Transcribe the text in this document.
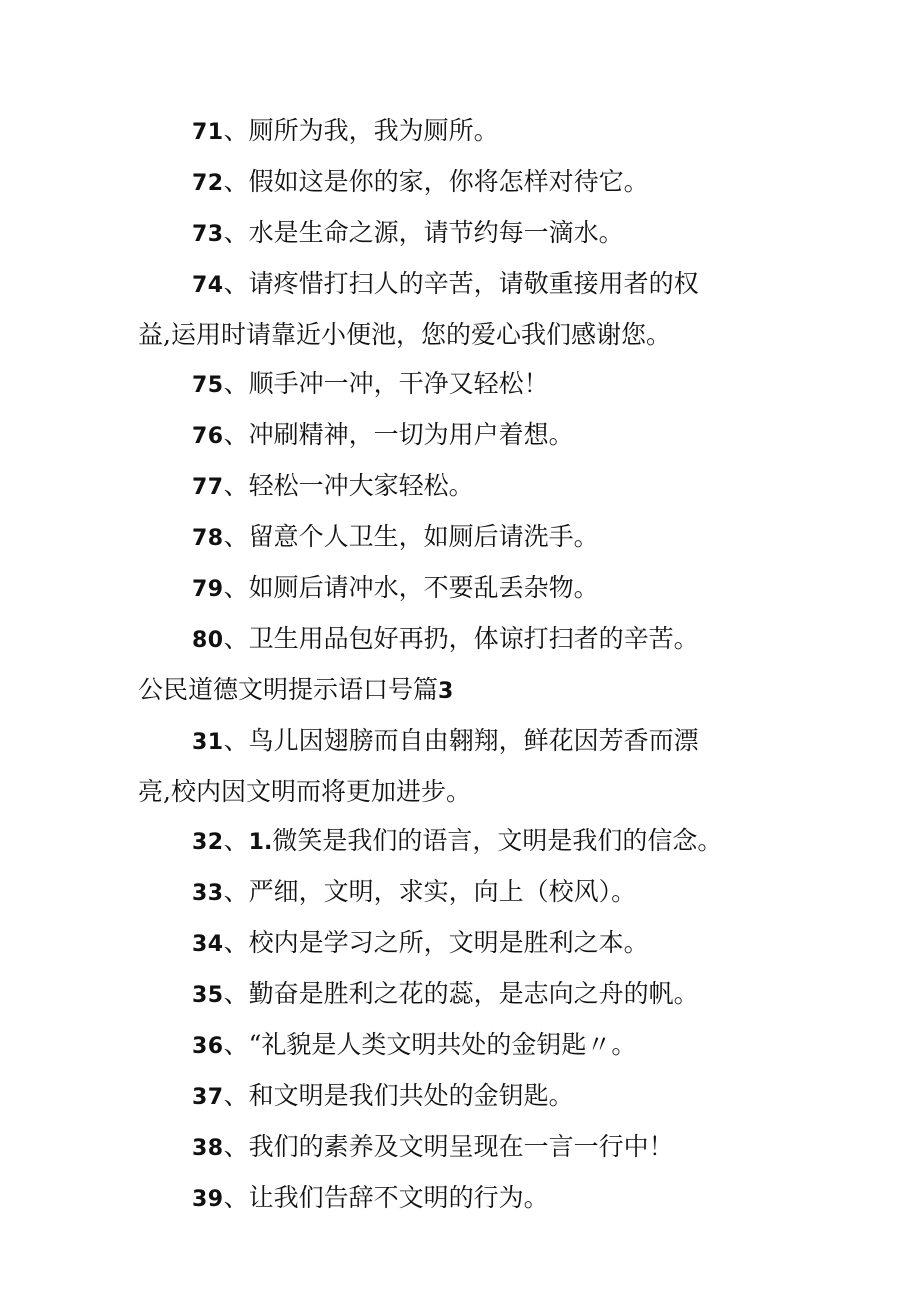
71、厕所为我，我为厕所。

72、假如这是你的家，你将怎样对待它。

73、水是生命之源，请节约每一滴水。

74、请疼惜打扫人的辛苦，请敬重接用者的权
益,运用时请靠近小便池，您的爱心我们感谢您。

75、顺手冲一冲，干净又轻松！

76、冲刷精神，一切为用户着想。

77、轻松一冲大家轻松。

78、留意个人卫生，如厕后请洗手。

79、如厕后请冲水，不要乱丢杂物。

80、卫生用品包好再扔，体谅打扫者的辛苦。

公民道德文明提示语口号篇3

31、鸟儿因翅膀而自由翱翔，鲜花因芳香而漂
亮,校内因文明而将更加进步。

32、1.微笑是我们的语言，文明是我们的信念。

33、严细，文明，求实，向上（校风）。

34、校内是学习之所，文明是胜利之本。

35、勤奋是胜利之花的蕊，是志向之舟的帆。

36、“礼貌是人类文明共处的金钥匙〃。

37、和文明是我们共处的金钥匙。

38、我们的素养及文明呈现在一言一行中！

39、让我们告辞不文明的行为。
